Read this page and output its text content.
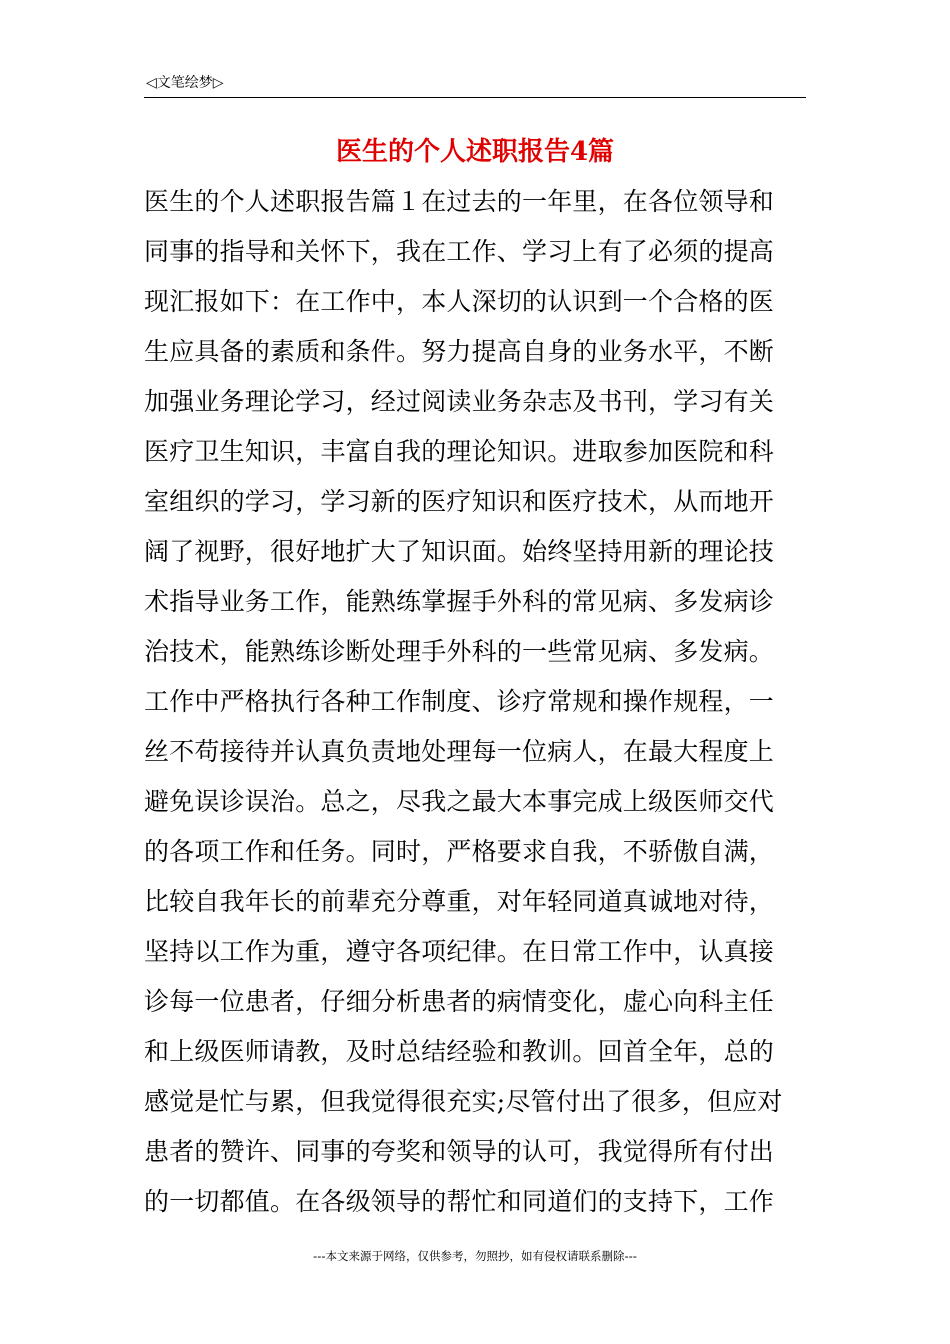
◁文笔绘梦▷
医生的个人述职报告4篇
医生的个人述职报告篇１在过去的一年里，在各位领导和
同事的指导和关怀下，我在工作、学习上有了必须的提高
现汇报如下：在工作中，本人深切的认识到一个合格的医
生应具备的素质和条件。努力提高自身的业务水平，不断
加强业务理论学习，经过阅读业务杂志及书刊，学习有关
医疗卫生知识，丰富自我的理论知识。进取参加医院和科
室组织的学习，学习新的医疗知识和医疗技术，从而地开
阔了视野，很好地扩大了知识面。始终坚持用新的理论技
术指导业务工作，能熟练掌握手外科的常见病、多发病诊
治技术，能熟练诊断处理手外科的一些常见病、多发病。
工作中严格执行各种工作制度、诊疗常规和操作规程，一
丝不苟接待并认真负责地处理每一位病人，在最大程度上
避免误诊误治。总之，尽我之最大本事完成上级医师交代
的各项工作和任务。同时，严格要求自我，不骄傲自满，
比较自我年长的前辈充分尊重，对年轻同道真诚地对待，
坚持以工作为重，遵守各项纪律。在日常工作中，认真接
诊每一位患者，仔细分析患者的病情变化，虚心向科主任
和上级医师请教，及时总结经验和教训。回首全年，总的
感觉是忙与累，但我觉得很充实;尽管付出了很多，但应对
患者的赞许、同事的夸奖和领导的认可，我觉得所有付出
的一切都值。在各级领导的帮忙和同道们的支持下，工作
---本文来源于网络，仅供参考，勿照抄，如有侵权请联系删除---
